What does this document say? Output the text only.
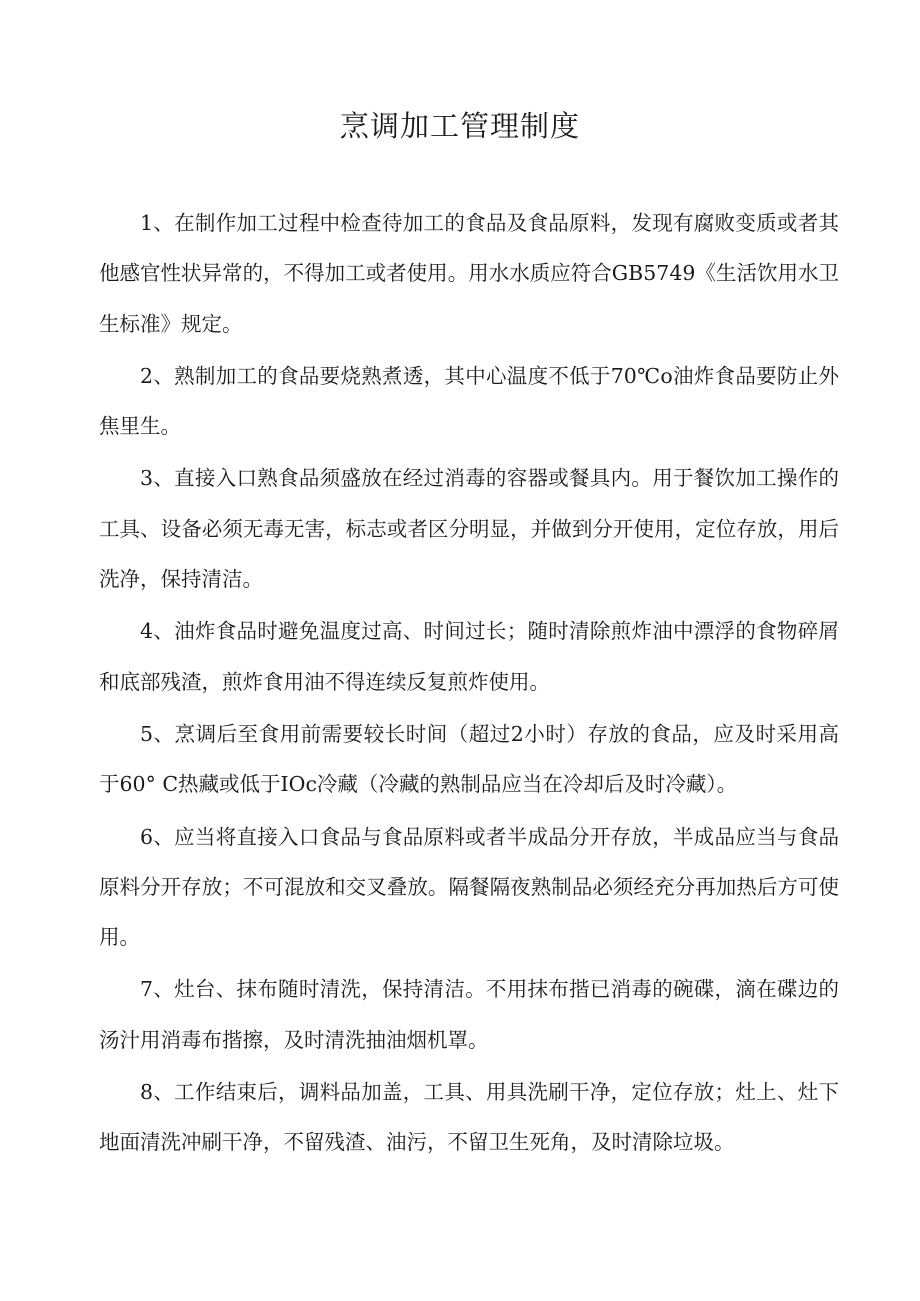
烹调加工管理制度

1、在制作加工过程中检查待加工的食品及食品原料，发现有腐败变质或者其他感官性状异常的，不得加工或者使用。用水水质应符合GB5749《生活饮用水卫生标准》规定。

2、熟制加工的食品要烧熟煮透，其中心温度不低于70℃o油炸食品要防止外焦里生。

3、直接入口熟食品须盛放在经过消毒的容器或餐具内。用于餐饮加工操作的工具、设备必须无毒无害，标志或者区分明显，并做到分开使用，定位存放，用后洗净，保持清洁。

4、油炸食品时避免温度过高、时间过长；随时清除煎炸油中漂浮的食物碎屑和底部残渣，煎炸食用油不得连续反复煎炸使用。

5、烹调后至食用前需要较长时间（超过2小时）存放的食品，应及时采用高于60° C热藏或低于IOc冷藏（冷藏的熟制品应当在冷却后及时冷藏）。

6、应当将直接入口食品与食品原料或者半成品分开存放，半成品应当与食品原料分开存放；不可混放和交叉叠放。隔餐隔夜熟制品必须经充分再加热后方可使用。

7、灶台、抹布随时清洗，保持清洁。不用抹布揩已消毒的碗碟，滴在碟边的汤汁用消毒布揩擦，及时清洗抽油烟机罩。

8、工作结束后，调料品加盖，工具、用具洗刷干净，定位存放；灶上、灶下地面清洗冲刷干净，不留残渣、油污，不留卫生死角，及时清除垃圾。
